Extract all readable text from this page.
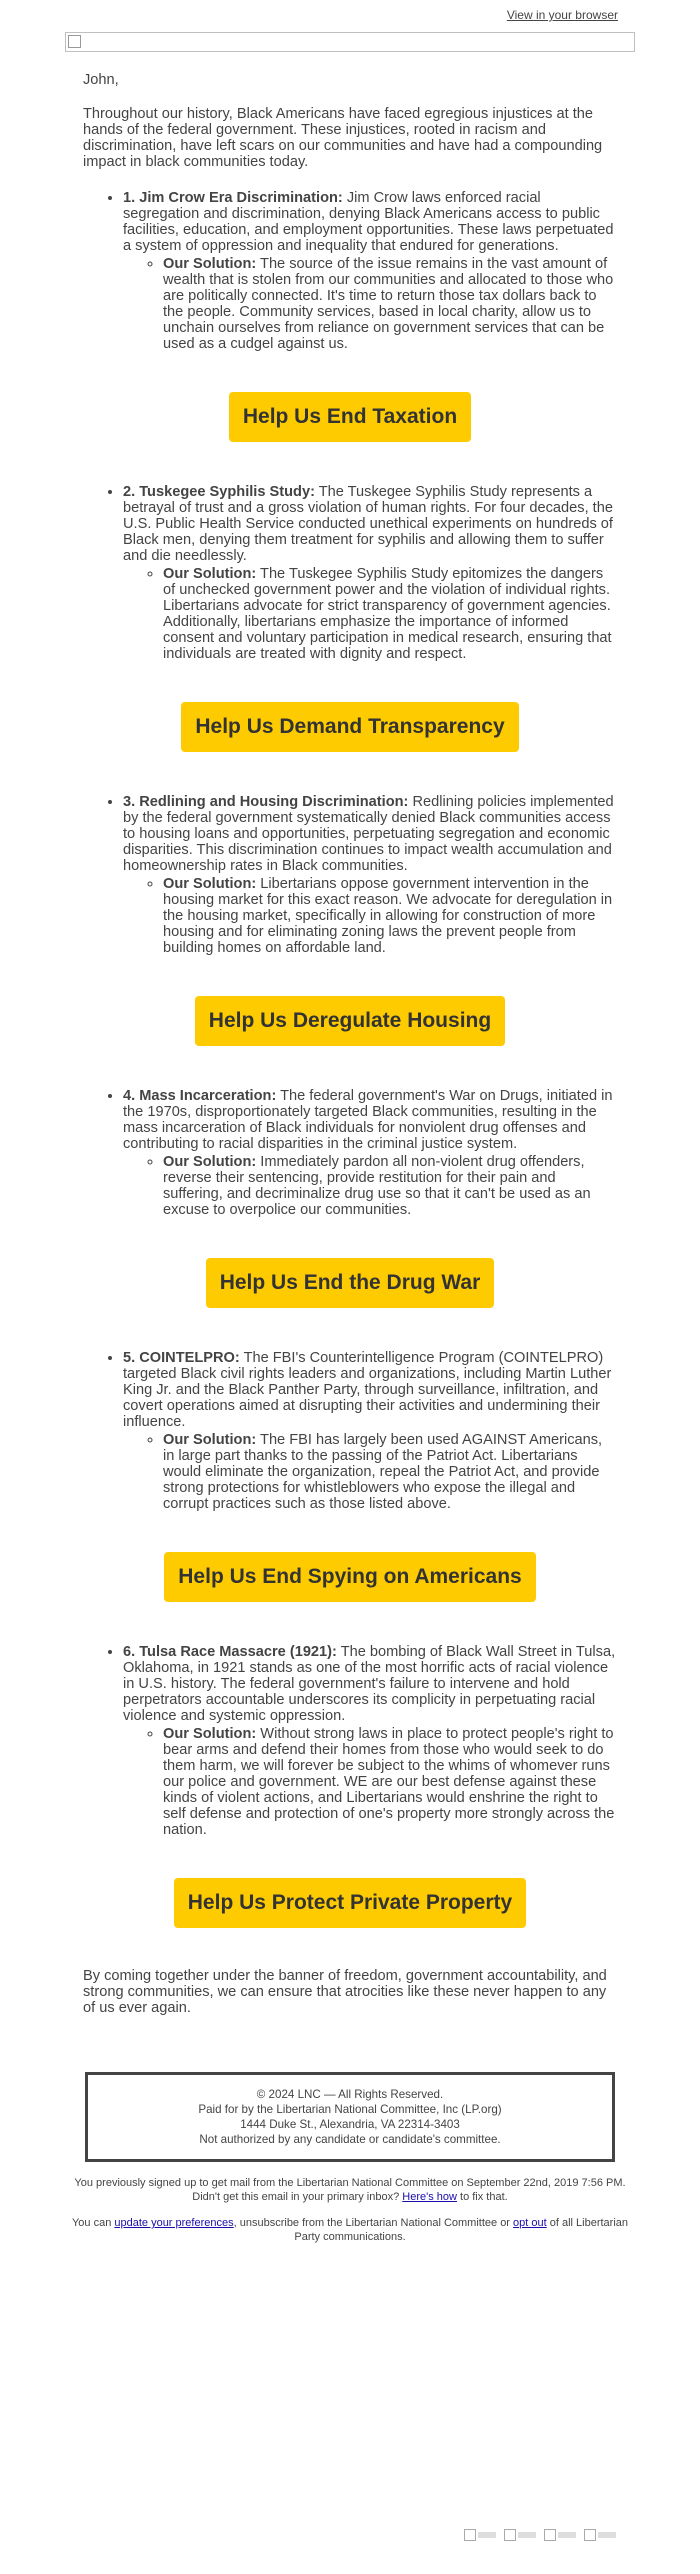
View in your browser

John,

Throughout our history, Black Americans have faced egregious injustices at the hands of the federal government. These injustices, rooted in racism and discrimination, have left scars on our communities and have had a compounding impact in black communities today.

• 1. Jim Crow Era Discrimination: Jim Crow laws enforced racial segregation and discrimination, denying Black Americans access to public facilities, education, and employment opportunities. These laws perpetuated a system of oppression and inequality that endured for generations.
◦ Our Solution: The source of the issue remains in the vast amount of wealth that is stolen from our communities and allocated to those who are politically connected. It's time to return those tax dollars back to the people. Community services, based in local charity, allow us to unchain ourselves from reliance on government services that can be used as a cudgel against us.
Help Us End Taxation
• 2. Tuskegee Syphilis Study: The Tuskegee Syphilis Study represents a betrayal of trust and a gross violation of human rights. For four decades, the U.S. Public Health Service conducted unethical experiments on hundreds of Black men, denying them treatment for syphilis and allowing them to suffer and die needlessly.
◦ Our Solution: The Tuskegee Syphilis Study epitomizes the dangers of unchecked government power and the violation of individual rights. Libertarians advocate for strict transparency of government agencies. Additionally, libertarians emphasize the importance of informed consent and voluntary participation in medical research, ensuring that individuals are treated with dignity and respect.
Help Us Demand Transparency
• 3. Redlining and Housing Discrimination: Redlining policies implemented by the federal government systematically denied Black communities access to housing loans and opportunities, perpetuating segregation and economic disparities. This discrimination continues to impact wealth accumulation and homeownership rates in Black communities.
◦ Our Solution: Libertarians oppose government intervention in the housing market for this exact reason. We advocate for deregulation in the housing market, specifically in allowing for construction of more housing and for eliminating zoning laws the prevent people from building homes on affordable land.
Help Us Deregulate Housing
• 4. Mass Incarceration: The federal government's War on Drugs, initiated in the 1970s, disproportionately targeted Black communities, resulting in the mass incarceration of Black individuals for nonviolent drug offenses and contributing to racial disparities in the criminal justice system.
◦ Our Solution: Immediately pardon all non-violent drug offenders, reverse their sentencing, provide restitution for their pain and suffering, and decriminalize drug use so that it can't be used as an excuse to overpolice our communities.
Help Us End the Drug War
• 5. COINTELPRO: The FBI's Counterintelligence Program (COINTELPRO) targeted Black civil rights leaders and organizations, including Martin Luther King Jr. and the Black Panther Party, through surveillance, infiltration, and covert operations aimed at disrupting their activities and undermining their influence.
◦ Our Solution: The FBI has largely been used AGAINST Americans, in large part thanks to the passing of the Patriot Act. Libertarians would eliminate the organization, repeal the Patriot Act, and provide strong protections for whistleblowers who expose the illegal and corrupt practices such as those listed above.
Help Us End Spying on Americans
• 6. Tulsa Race Massacre (1921): The bombing of Black Wall Street in Tulsa, Oklahoma, in 1921 stands as one of the most horrific acts of racial violence in U.S. history. The federal government's failure to intervene and hold perpetrators accountable underscores its complicity in perpetuating racial violence and systemic oppression.
◦ Our Solution: Without strong laws in place to protect people's right to bear arms and defend their homes from those who would seek to do them harm, we will forever be subject to the whims of whomever runs our police and government. WE are our best defense against these kinds of violent actions, and Libertarians would enshrine the right to self defense and protection of one's property more strongly across the nation.
Help Us Protect Private Property

By coming together under the banner of freedom, government accountability, and strong communities, we can ensure that atrocities like these never happen to any of us ever again.

© 2024 LNC — All Rights Reserved.
Paid for by the Libertarian National Committee, Inc (LP.org)
1444 Duke St., Alexandria, VA 22314-3403
Not authorized by any candidate or candidate's committee.
You previously signed up to get mail from the Libertarian National Committee on September 22nd, 2019 7:56 PM. Didn't get this email in your primary inbox? Here's how to fix that.
You can update your preferences, unsubscribe from the Libertarian National Committee or opt out of all Libertarian Party communications.
